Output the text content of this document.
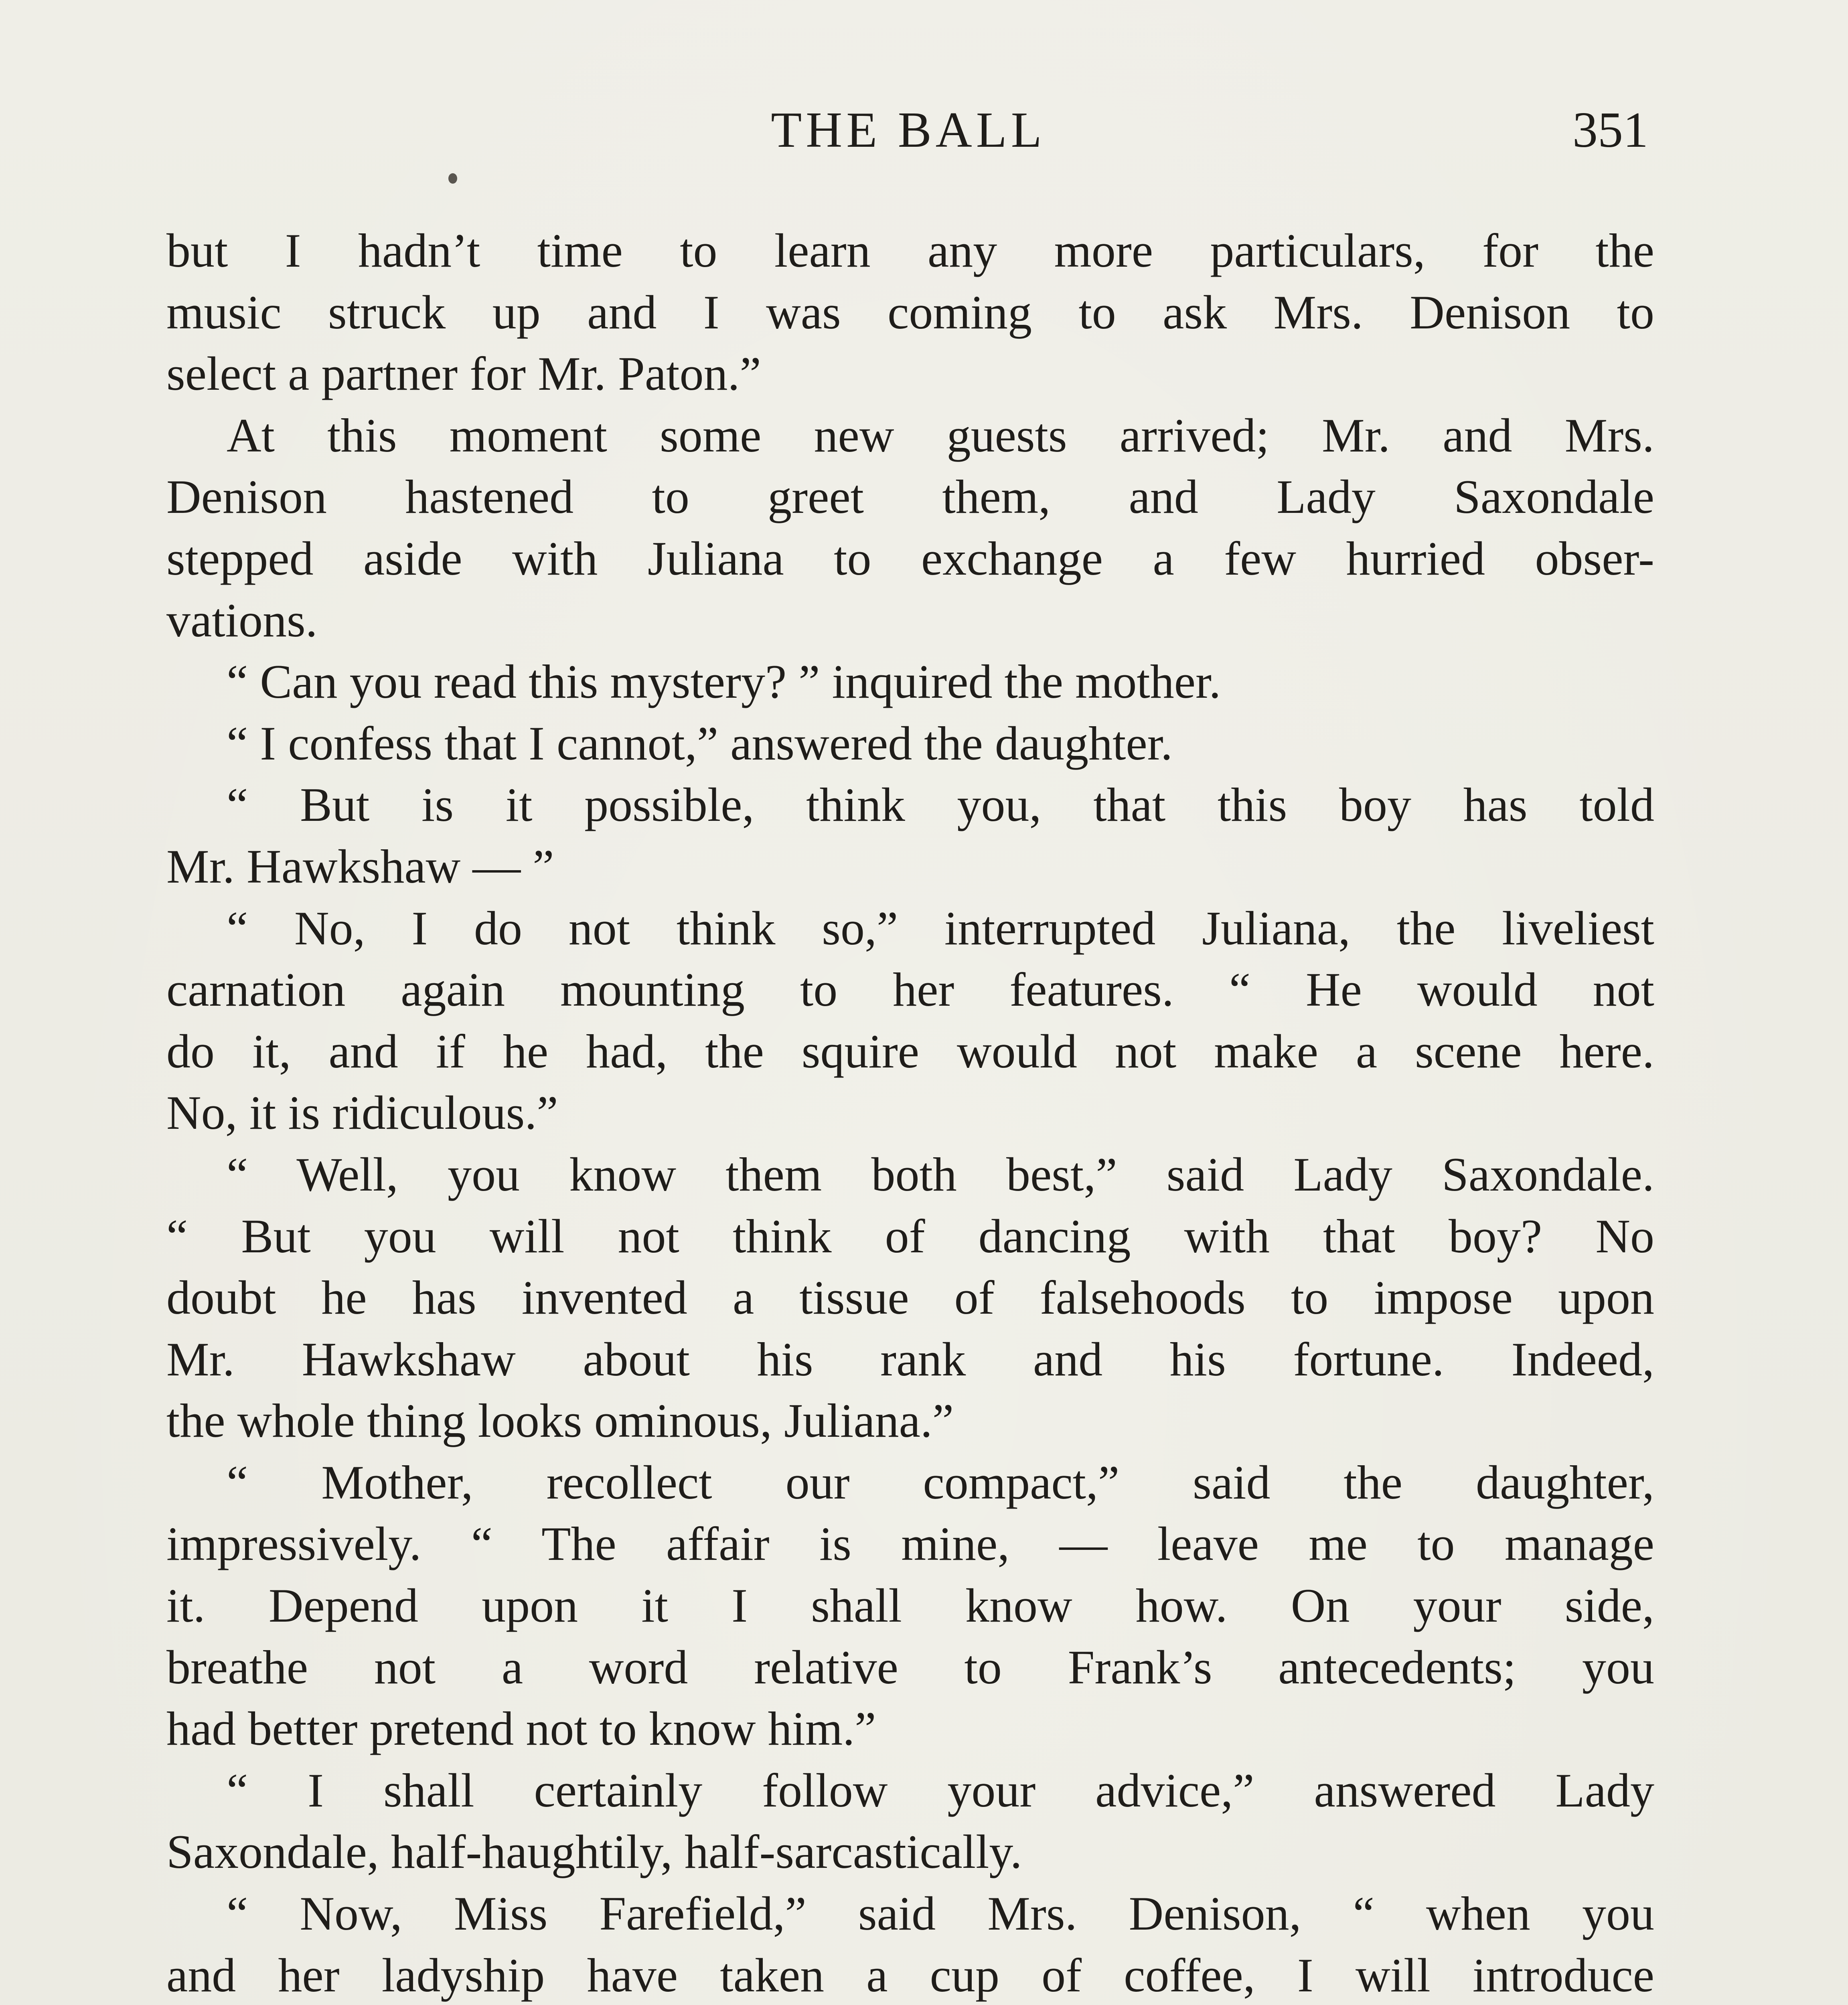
THE BALL	351
but I hadn’t time to learn any more particulars, for the
music struck up and I was coming to ask Mrs. Denison to
select a partner for Mr. Paton.”
At this moment some new guests arrived; Mr. and Mrs.
Denison hastened to greet them, and Lady Saxondale
stepped aside with Juliana to exchange a few hurried obser-
vations.
“ Can you read this mystery? ” inquired the mother.
“ I confess that I cannot,” answered the daughter.
“ But is it possible, think you, that this boy has told
Mr. Hawkshaw — ”
“ No, I do not think so,” interrupted Juliana, the liveliest
carnation again mounting to her features. “ He would not
do it, and if he had, the squire would not make a scene here.
No, it is ridiculous.”
“ Well, you know them both best,” said Lady Saxondale.
“ But you will not think of dancing with that boy? No
doubt he has invented a tissue of falsehoods to impose upon
Mr. Hawkshaw about his rank and his fortune. Indeed,
the whole thing looks ominous, Juliana.”
“ Mother, recollect our compact,” said the daughter,
impressively. “ The affair is mine, — leave me to manage
it. Depend upon it I shall know how. On your side,
breathe not a word relative to Frank’s antecedents; you
had better pretend not to know him.”
“ I shall certainly follow your advice,” answered Lady
Saxondale, half-haughtily, half-sarcastically.
“ Now, Miss Farefield,” said Mrs. Denison, “ when you
and her ladyship have taken a cup of coffee, I will introduce
